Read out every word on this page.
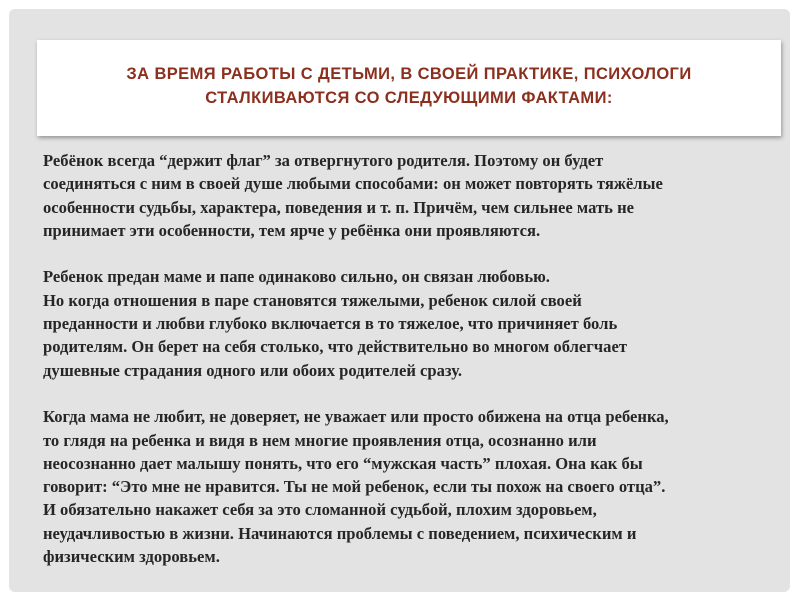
ЗА ВРЕМЯ РАБОТЫ С ДЕТЬМИ, В СВОЕЙ ПРАКТИКЕ, ПСИХОЛОГИ
СТАЛКИВАЮТСЯ СО СЛЕДУЮЩИМИ ФАКТАМИ:

Ребёнок всегда “держит флаг” за отвергнутого родителя. Поэтому он будет
соединяться с ним в своей душе любыми способами: он может повторять тяжёлые
особенности судьбы, характера, поведения и т. п. Причём, чем сильнее мать не
принимает эти особенности, тем ярче у ребёнка они проявляются.

Ребенок предан маме и папе одинаково сильно, он связан любовью.
Но когда отношения в паре становятся тяжелыми, ребенок силой своей
преданности и любви глубоко включается в то тяжелое, что причиняет боль
родителям. Он берет на себя столько, что действительно во многом облегчает
душевные страдания одного или обоих родителей сразу.

Когда мама не любит, не доверяет, не уважает или просто обижена на отца ребенка,
то глядя на ребенка и видя в нем многие проявления отца, осознанно или
неосознанно дает малышу понять, что его “мужская часть” плохая. Она как бы
говорит: “Это мне не нравится. Ты не мой ребенок, если ты похож на своего отца”.
И обязательно накажет себя за это сломанной судьбой, плохим здоровьем,
неудачливостью в жизни. Начинаются проблемы с поведением, психическим и
физическим здоровьем.
